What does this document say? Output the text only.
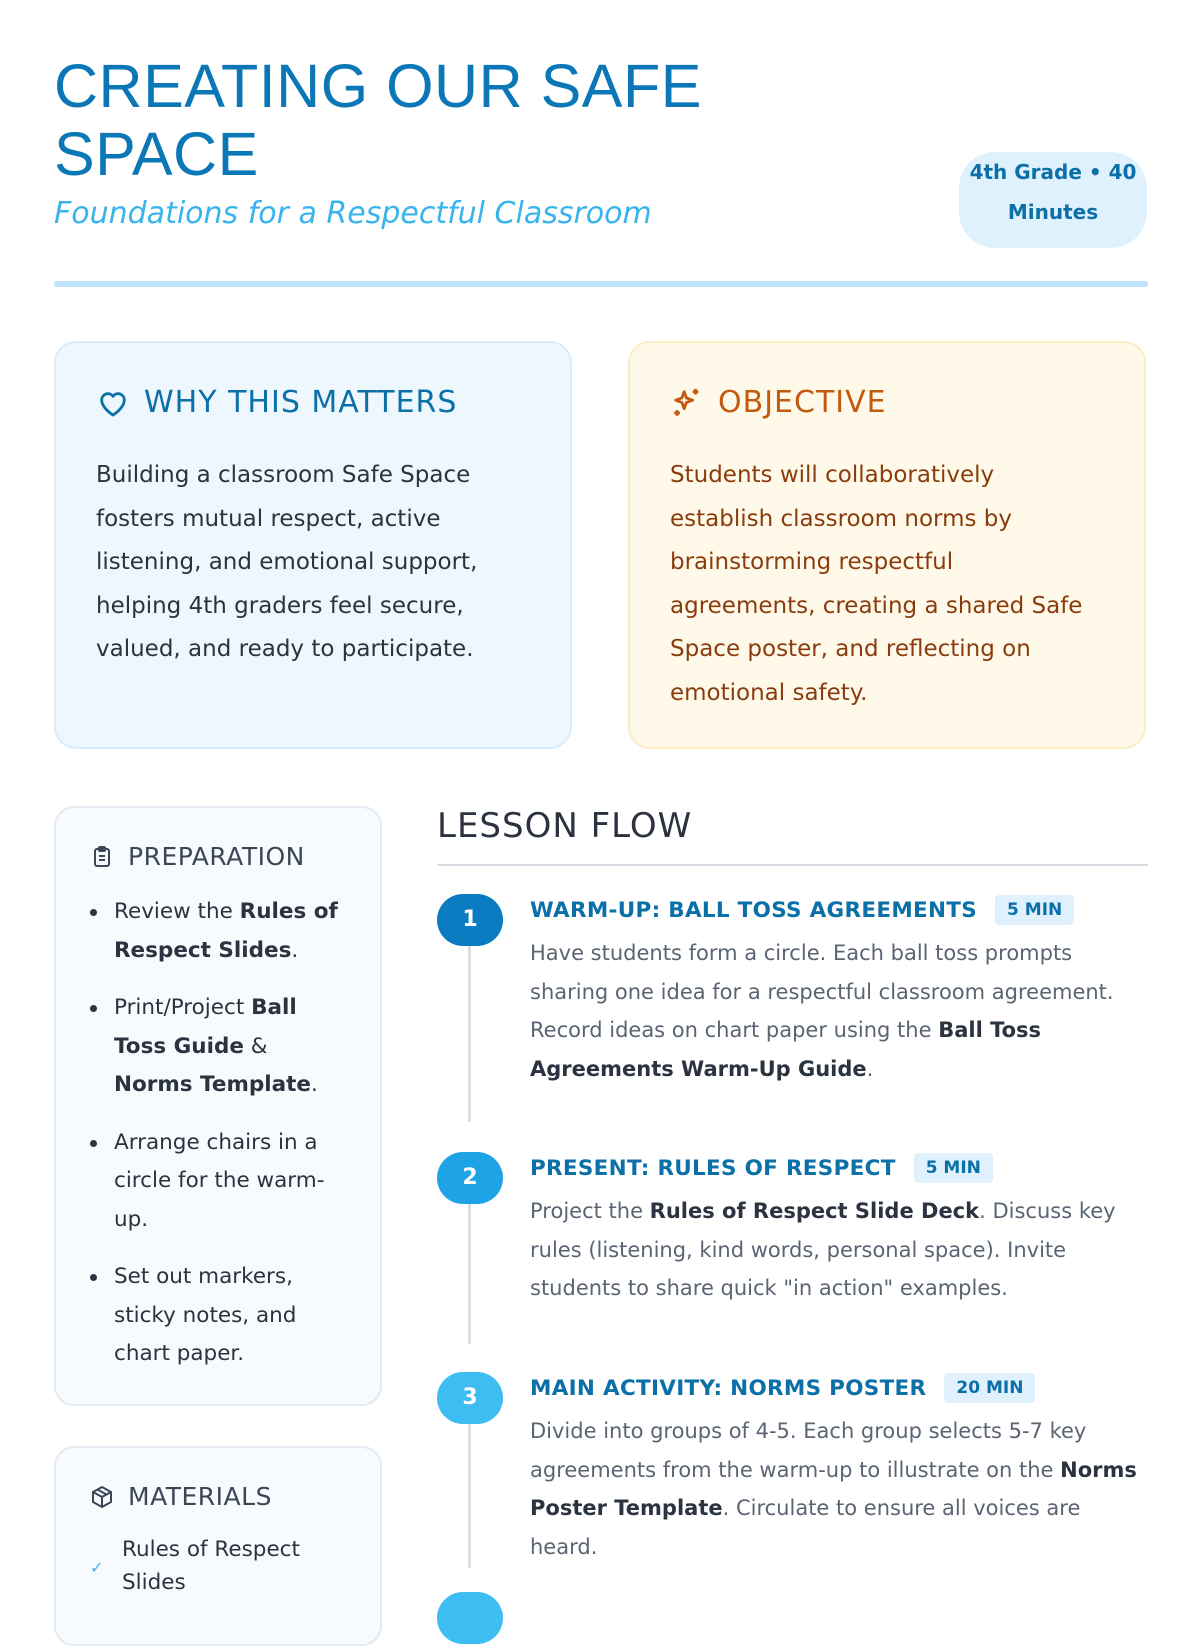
CREATING OUR SAFE SPACE

Foundations for a Respectful Classroom

4th Grade • 40
Minutes
WHY THIS MATTERS
Building a classroom Safe Space fosters mutual respect, active listening, and emotional support, helping 4th graders feel secure, valued, and ready to participate.
OBJECTIVE
Students will collaboratively establish classroom norms by brainstorming respectful agreements, creating a shared Safe Space poster, and reflecting on emotional safety.
PREPARATION
Review the Rules of Respect Slides.
Print/Project Ball Toss Guide & Norms Template.
Arrange chairs in a circle for the warm-up.
Set out markers, sticky notes, and chart paper.
MATERIALS
✓
Rules of Respect Slides
LESSON FLOW
1	WARM-UP: BALL TOSS AGREEMENTS	5 MIN
Have students form a circle. Each ball toss prompts sharing one idea for a respectful classroom agreement. Record ideas on chart paper using the Ball Toss Agreements Warm-Up Guide.
2	PRESENT: RULES OF RESPECT	5 MIN
Project the Rules of Respect Slide Deck. Discuss key rules (listening, kind words, personal space). Invite students to share quick "in action" examples.
3	MAIN ACTIVITY: NORMS POSTER	20 MIN
Divide into groups of 4-5. Each group selects 5-7 key agreements from the warm-up to illustrate on the Norms Poster Template. Circulate to ensure all voices are heard.
